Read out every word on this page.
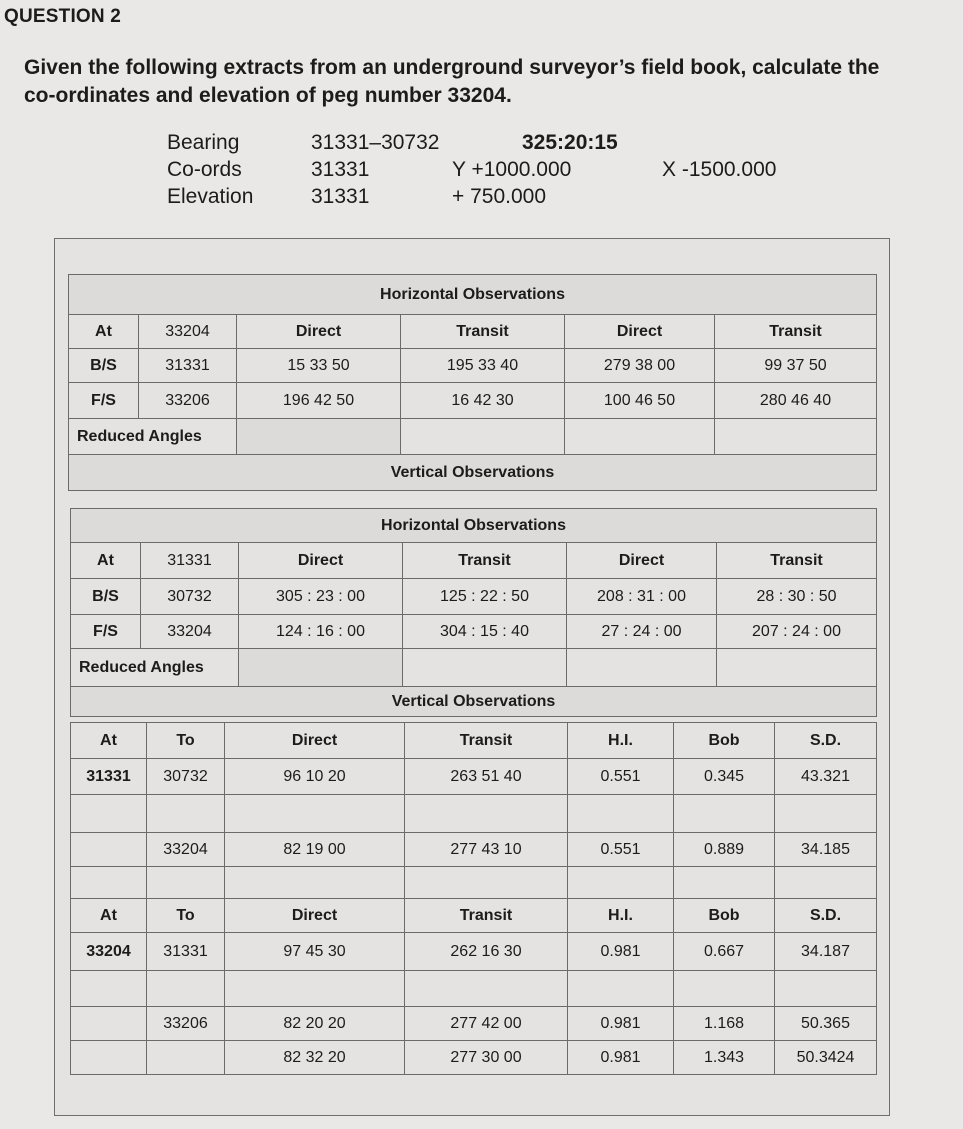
QUESTION 2
Given the following extracts from an underground surveyor’s field book, calculate the
co-ordinates and elevation of peg number 33204.
Bearing	31331–30732	325:20:15
Co-ords	31331	Y +1000.000	X -1500.000
Elevation	31331	+ 750.000
Horizontal Observations					
At	33204	Direct	Transit	Direct	Transit
B/S	31331	15 33 50	195 33 40	279 38 00	99 37 50
F/S	33206	196 42 50	16 42 30	100 46 50	280 46 40
Reduced Angles					
Vertical Observations					
Horizontal Observations					
At	31331	Direct	Transit	Direct	Transit
B/S	30732	305 : 23 : 00	125 : 22 : 50	208 : 31 : 00	28 : 30 : 50
F/S	33204	124 : 16 : 00	304 : 15 : 40	27 : 24 : 00	207 : 24 : 00
Reduced Angles					
Vertical Observations					
At	To	Direct	Transit	H.I.	Bob	S.D.
31331	30732	96 10 20	263 51 40	0.551	0.345	43.321

	33204	82 19 00	277 43 10	0.551	0.889	34.185

At	To	Direct	Transit	H.I.	Bob	S.D.
33204	31331	97 45 30	262 16 30	0.981	0.667	34.187

	33206	82 20 20	277 42 00	0.981	1.168	50.365
		82 32 20	277 30 00	0.981	1.343	50.3424
